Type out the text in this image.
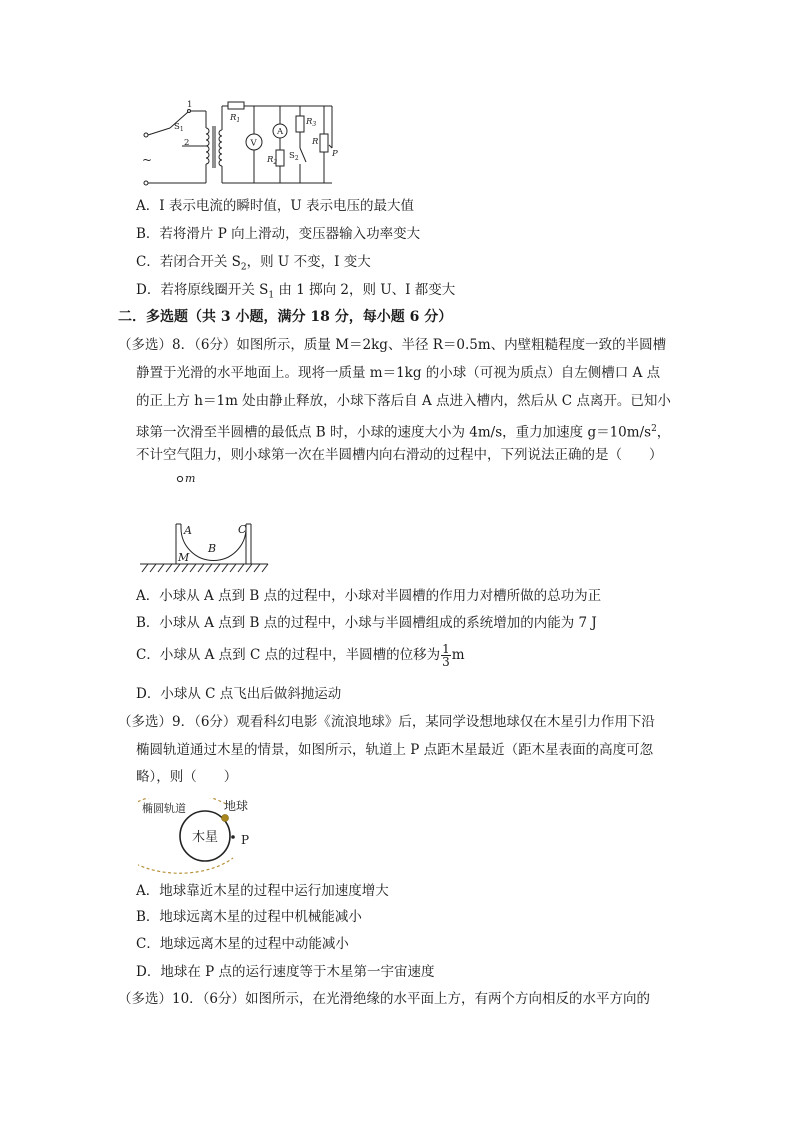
1
2
$S_1$
~
$R_1$
V
A
$R_2$
$R_3$
$S_2$
R
P
A．I 表示电流的瞬时值，U 表示电压的最大值
B．若将滑片 P 向上滑动，变压器输入功率变大
C．若闭合开关 $S_2$，则 U 不变，I 变大
D．若将原线圈开关 $S_1$ 由 1 掷向 2，则 U、I 都变大
二．多选题（共 3 小题，满分 18 分，每小题 6 分）
（多选）8．（6分）如图所示，质量 M＝2kg、半径 R＝0.5m、内壁粗糙程度一致的半圆槽
静置于光滑的水平地面上。现将一质量 m＝1kg 的小球（可视为质点）自左侧槽口 A 点
的正上方 h＝1m 处由静止释放，小球下落后自 A 点进入槽内，然后从 C 点离开。已知小
球第一次滑至半圆槽的最低点 B 时，小球的速度大小为 4m/s，重力加速度 $g=10m/s^2$，
不计空气阻力，则小球第一次在半圆槽内向右滑动的过程中，下列说法正确的是（　　）
m
A
B
C
M
A．小球从 A 点到 B 点的过程中，小球对半圆槽的作用力对槽所做的总功为正
B．小球从 A 点到 B 点的过程中，小球与半圆槽组成的系统增加的内能为 7 J
C．小球从 A 点到 C 点的过程中，半圆槽的位移为 $\frac{1}{3}$ m
D．小球从 C 点飞出后做斜抛运动
（多选）9．（6分）观看科幻电影《流浪地球》后，某同学设想地球仅在木星引力作用下沿
椭圆轨道通过木星的情景，如图所示，轨道上 P 点距木星最近（距木星表面的高度可忽
略），则（　　）
椭圆轨道	地球
木星 P
A．地球靠近木星的过程中运行加速度增大
B．地球远离木星的过程中机械能减小
C．地球远离木星的过程中动能减小
D．地球在 P 点的运行速度等于木星第一宇宙速度
（多选）10．（6分）如图所示，在光滑绝缘的水平面上方，有两个方向相反的水平方向的
